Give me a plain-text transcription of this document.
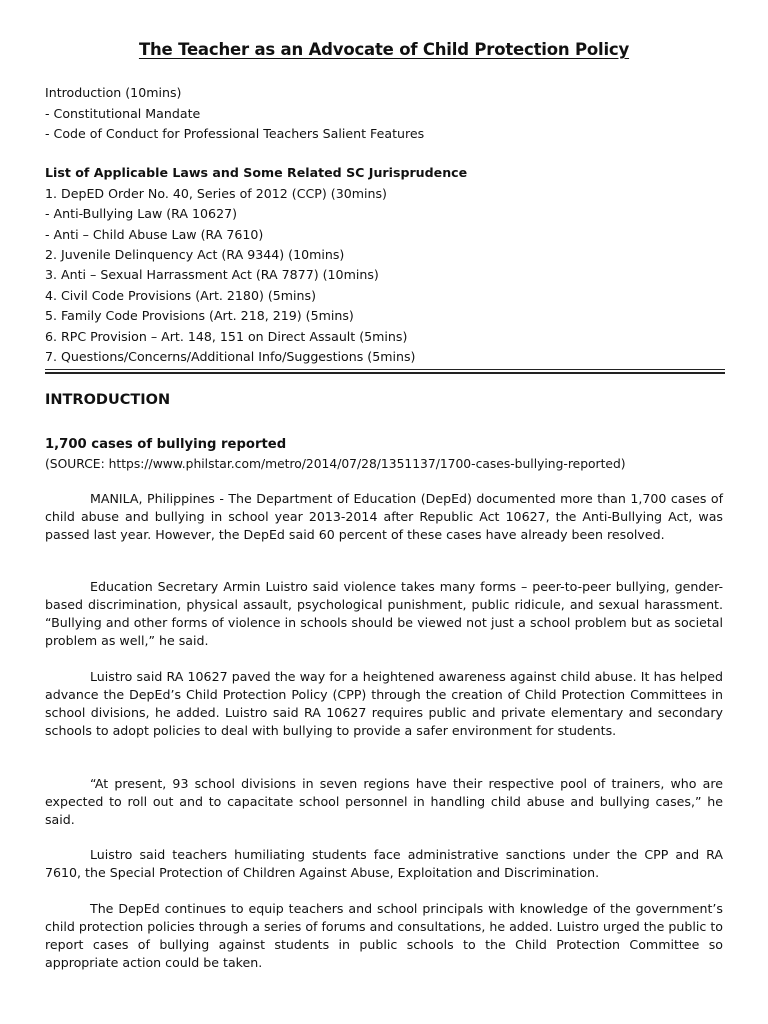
The Teacher as an Advocate of Child Protection Policy
Introduction (10mins)
- Constitutional Mandate
- Code of Conduct for Professional Teachers Salient Features
List of Applicable Laws and Some Related SC Jurisprudence
1. DepED Order No. 40, Series of 2012 (CCP) (30mins)
- Anti-Bullying Law (RA 10627)
- Anti – Child Abuse Law (RA 7610)
2. Juvenile Delinquency Act (RA 9344) (10mins)
3. Anti – Sexual Harrassment Act (RA 7877) (10mins)
4. Civil Code Provisions (Art. 2180) (5mins)
5. Family Code Provisions (Art. 218, 219) (5mins)
6. RPC Provision – Art. 148, 151 on Direct Assault (5mins)
7. Questions/Concerns/Additional Info/Suggestions (5mins)
INTRODUCTION
1,700 cases of bullying reported
(SOURCE: https://www.philstar.com/metro/2014/07/28/1351137/1700-cases-bullying-reported)

MANILA, Philippines - The Department of Education (DepEd) documented more than 1,700 cases of child abuse and bullying in school year 2013-2014 after Republic Act 10627, the Anti-Bullying Act, was passed last year. However, the DepEd said 60 percent of these cases have already been resolved.

Education Secretary Armin Luistro said violence takes many forms – peer-to-peer bullying, gender-based discrimination, physical assault, psychological punishment, public ridicule, and sexual harassment. “Bullying and other forms of violence in schools should be viewed not just a school problem but as societal problem as well,” he said.

Luistro said RA 10627 paved the way for a heightened awareness against child abuse. It has helped advance the DepEd’s Child Protection Policy (CPP) through the creation of Child Protection Committees in school divisions, he added. Luistro said RA 10627 requires public and private elementary and secondary schools to adopt policies to deal with bullying to provide a safer environment for students.

“At present, 93 school divisions in seven regions have their respective pool of trainers, who are expected to roll out and to capacitate school personnel in handling child abuse and bullying cases,” he said.

Luistro said teachers humiliating students face administrative sanctions under the CPP and RA 7610, the Special Protection of Children Against Abuse, Exploitation and Discrimination.

The DepEd continues to equip teachers and school principals with knowledge of the government’s child protection policies through a series of forums and consultations, he added. Luistro urged the public to report cases of bullying against students in public schools to the Child Protection Committee so appropriate action could be taken.
